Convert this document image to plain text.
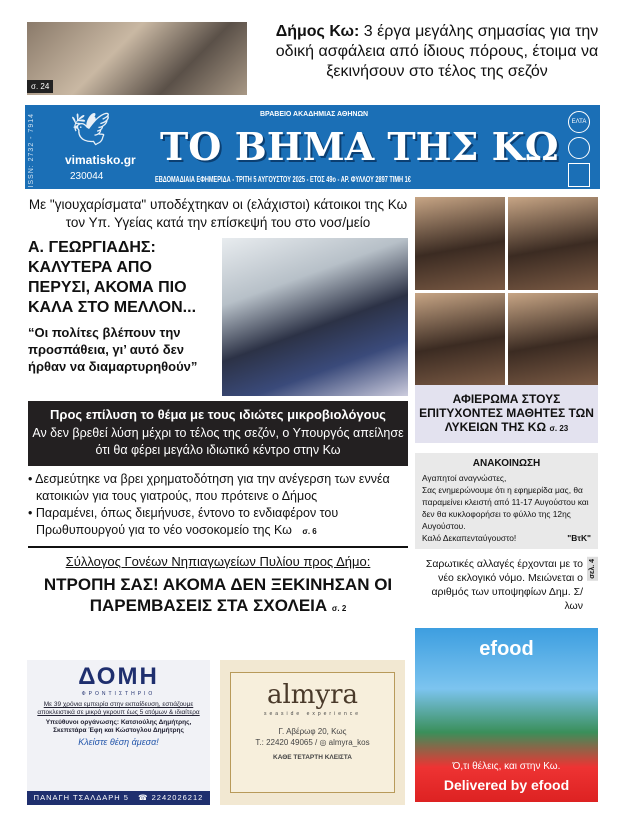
σ. 24
Δήμος Κω: 3 έργα μεγάλης σημασίας για την οδική ασφάλεια από ίδιους πόρους, έτοιμα να ξεκινήσουν στο τέλος της σεζόν
ISSN: 2732 - 7914 🕊
vimatisko.gr
230044
ΒΡΑΒΕΙΟ ΑΚΑΔΗΜΙΑΣ ΑΘΗΝΩΝ
ΤΟ ΒΗΜΑ ΤΗΣ ΚΩ
ΕΒΔΟΜΑΔΙΑΙΑ ΕΦΗΜΕΡΙΔΑ - ΤΡΙΤΗ 5 ΑΥΓΟΥΣΤΟΥ 2025 - ΕΤΟΣ 49ο - ΑΡ. ΦΥΛΛΟΥ 2897 ΤΙΜΗ 1€
ΕΛΤΑ
Με "γιουχαρίσματα" υποδέχτηκαν οι (ελάχιστοι) κάτοικοι της Κω τον Υπ. Υγείας κατά την επίσκεψή του στο νοσ/μείο
Α. ΓΕΩΡΓΙΑΔΗΣ: ΚΑΛΥΤΕΡΑ ΑΠΟ ΠΕΡΥΣΙ, ΑΚΟΜΑ ΠΙΟ ΚΑΛΑ ΣΤΟ ΜΕΛΛΟΝ...
“Οι πολίτες βλέπουν την προσπάθεια, γι’ αυτό δεν ήρθαν να διαμαρτυρηθούν”
Προς επίλυση το θέμα με τους ιδιώτες μικροβιολόγους
Αν δεν βρεθεί λύση μέχρι το τέλος της σεζόν, ο Υπουργός απείλησε ότι θα φέρει μεγάλο ιδιωτικό κέντρο στην Κω
• Δεσμεύτηκε να βρει χρηματοδότηση για την ανέγερση των εννέα κατοικιών για τους γιατρούς, που πρότεινε ο Δήμος
• Παραμένει, όπως διεμήνυσε, έντονο το ενδιαφέρον του Πρωθυπουργού για το νέο νοσοκομείο της Κω σ. 6
Σύλλογος Γονέων Νηπιαγωγείων Πυλίου προς Δήμο:
ΝΤΡΟΠΗ ΣΑΣ! ΑΚΟΜΑ ΔΕΝ ΞΕΚΙΝΗΣΑΝ ΟΙ ΠΑΡΕΜΒΑΣΕΙΣ ΣΤΑ ΣΧΟΛΕΙΑ σ. 2
ΑΦΙΕΡΩΜΑ ΣΤΟΥΣ ΕΠΙΤΥΧΟΝΤΕΣ ΜΑΘΗΤΕΣ ΤΩΝ ΛΥΚΕΙΩΝ ΤΗΣ ΚΩ σ. 23
ΑΝΑΚΟΙΝΩΣΗ
Αγαπητοί αναγνώστες,
Σας ενημερώνουμε ότι η εφημερίδα μας, θα παραμείνει κλειστή από 11-17 Αυγούστου και δεν θα κυκλοφορήσει το φύλλο της 12ης Αυγούστου.
Καλό Δεκαπενταύγουστο!	"ΒτΚ"
Σαρωτικές αλλαγές έρχονται με το νέο εκλογικό νόμο. Μειώνεται ο αριθμός των υποψηφίων Δημ. Σ/λων
σελ. 4
efood
Ό,τι θέλεις, και στην Κω.
Delivered by efood
ΔΟΜΗ
ΦΡΟΝΤΙΣΤΗΡΙΟ
Με 39 χρόνια εμπειρία στην εκπαίδευση, εστιάζουμε αποκλειστικά σε μικρά γκρουπ έως 5 ατόμων & ιδιαίτερα
Υπεύθυνοι οργάνωσης: Κατσιούλης Δημήτρης, Σκεπετάρα Έφη και Κώστογλου Δημήτρης
Κλείστε θέση άμεσα!
ΠΑΝΑΓΗ ΤΣΑΛΔΑΡΗ 5 ☎ 2242026212
almyra
seaside experience
Γ. Αβέρωφ 20, Κως
Τ.: 22420 49065 / ◎ almyra_kos
ΚΑΘΕ ΤΕΤΑΡΤΗ ΚΛΕΙΣΤΑ
